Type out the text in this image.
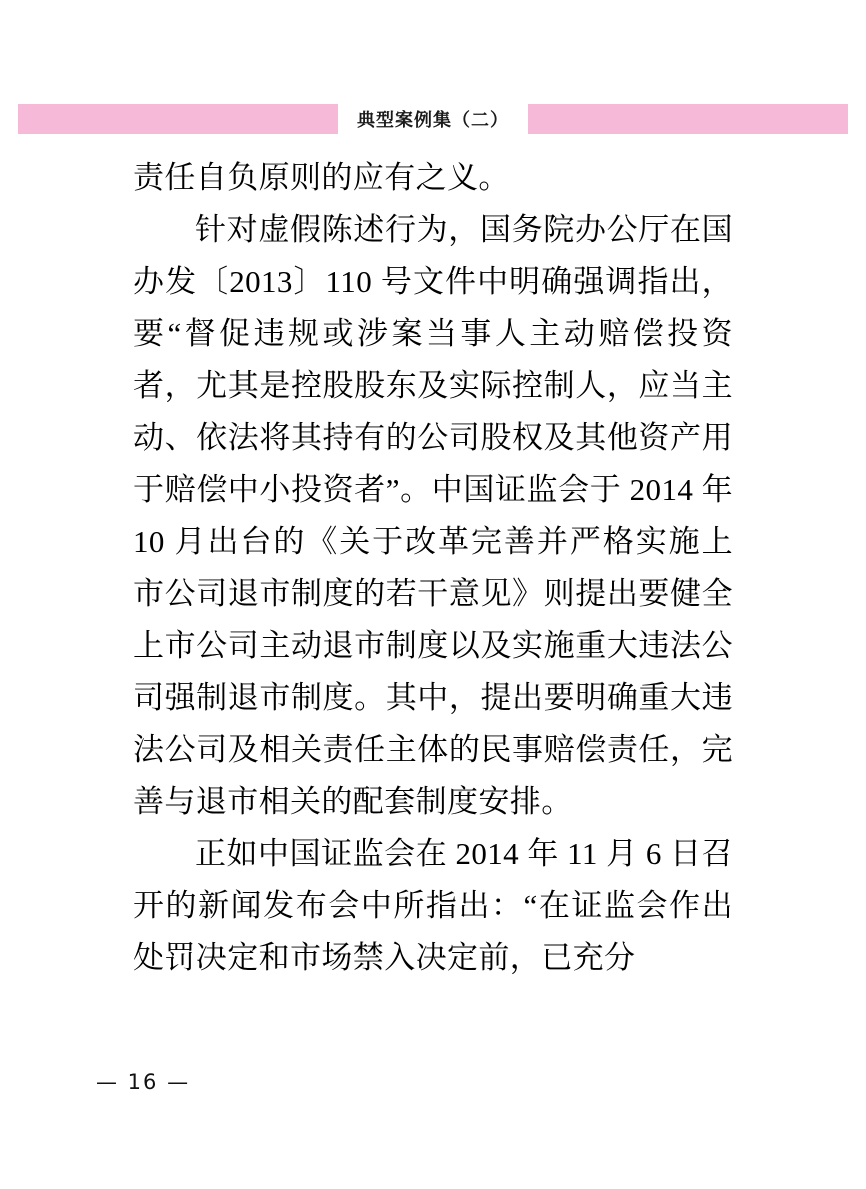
典型案例集（二）

责任自负原则的应有之义。

针对虚假陈述行为，国务院办公厅在国办发〔2013〕110 号文件中明确强调指出，要“督促违规或涉案当事人主动赔偿投资者，尤其是控股股东及实际控制人，应当主动、依法将其持有的公司股权及其他资产用于赔偿中小投资者”。中国证监会于 2014 年 10 月出台的《关于改革完善并严格实施上市公司退市制度的若干意见》则提出要健全上市公司主动退市制度以及实施重大违法公司强制退市制度。其中，提出要明确重大违法公司及相关责任主体的民事赔偿责任，完善与退市相关的配套制度安排。

正如中国证监会在 2014 年 11 月 6 日召开的新闻发布会中所指出：“在证监会作出处罚决定和市场禁入决定前，已充分

— 16 —
